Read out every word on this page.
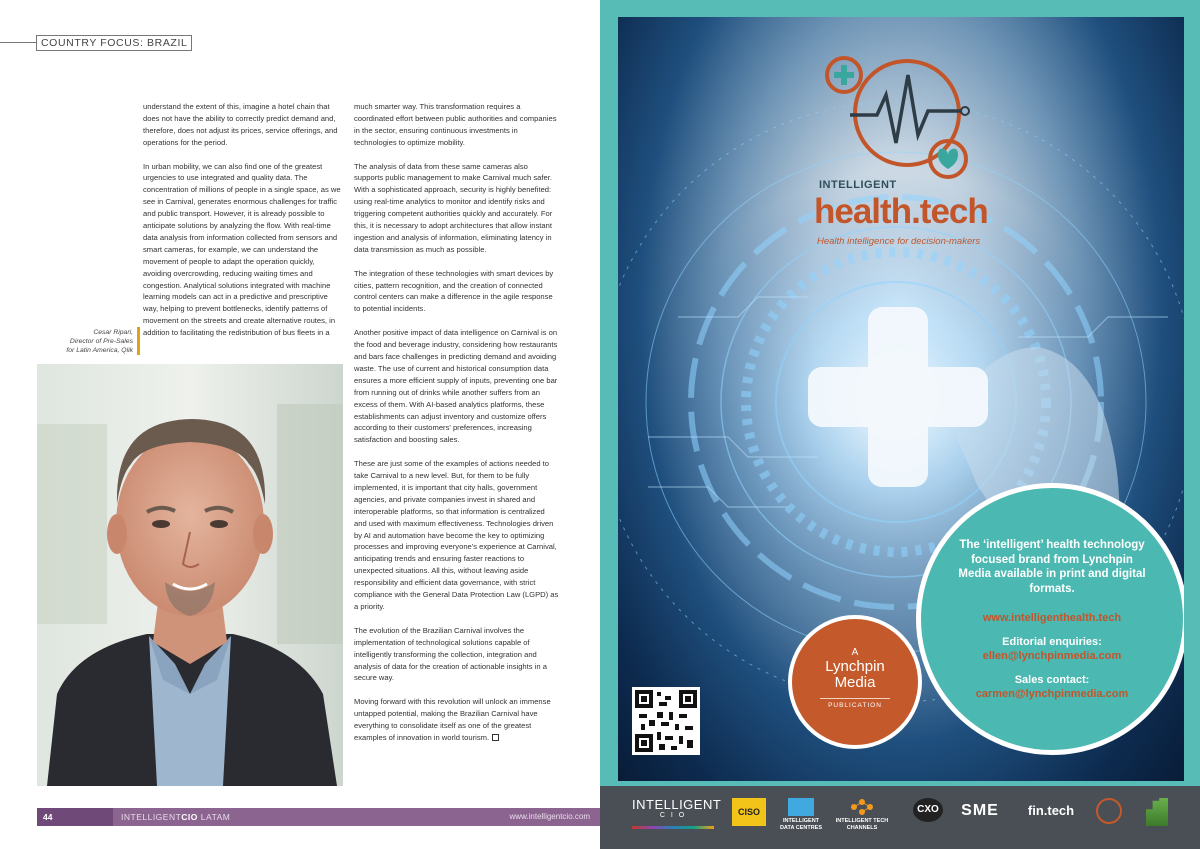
COUNTRY FOCUS: BRAZIL

understand the extent of this, imagine a hotel chain that does not have the ability to correctly predict demand and, therefore, does not adjust its prices, service offerings, and operations for the period.

In urban mobility, we can also find one of the greatest urgencies to use integrated and quality data. The concentration of millions of people in a single space, as we see in Carnival, generates enormous challenges for traffic and public transport. However, it is already possible to anticipate solutions by analyzing the flow. With real-time data analysis from information collected from sensors and smart cameras, for example, we can understand the movement of people to adapt the operation quickly, avoiding overcrowding, reducing waiting times and congestion. Analytical solutions integrated with machine learning models can act in a predictive and prescriptive way, helping to prevent bottlenecks, identify patterns of movement on the streets and create alternative routes, in addition to facilitating the redistribution of bus fleets in a

much smarter way. This transformation requires a coordinated effort between public authorities and companies in the sector, ensuring continuous investments in technologies to optimize mobility.

The analysis of data from these same cameras also supports public management to make Carnival much safer. With a sophisticated approach, security is highly benefited: using real-time analytics to monitor and identify risks and triggering competent authorities quickly and accurately. For this, it is necessary to adopt architectures that allow instant ingestion and analysis of information, eliminating latency in data transmission as much as possible.

The integration of these technologies with smart devices by cities, pattern recognition, and the creation of connected control centers can make a difference in the agile response to potential incidents.

Another positive impact of data intelligence on Carnival is on the food and beverage industry, considering how restaurants and bars face challenges in predicting demand and avoiding waste. The use of current and historical consumption data ensures a more efficient supply of inputs, preventing one bar from running out of drinks while another suffers from an excess of them. With AI-based analytics platforms, these establishments can adjust inventory and customize offers according to their customers' preferences, increasing satisfaction and boosting sales.

These are just some of the examples of actions needed to take Carnival to a new level. But, for them to be fully implemented, it is important that city halls, government agencies, and private companies invest in shared and interoperable platforms, so that information is centralized and used with maximum effectiveness. Technologies driven by AI and automation have become the key to optimizing processes and improving everyone's experience at Carnival, anticipating trends and ensuring faster reactions to unexpected situations. All this, without leaving aside responsibility and efficient data governance, with strict compliance with the General Data Protection Law (LGPD) as a priority.

The evolution of the Brazilian Carnival involves the implementation of technological solutions capable of intelligently transforming the collection, integration and analysis of data for the creation of actionable insights in a secure way.

Moving forward with this revolution will unlock an immense untapped potential, making the Brazilian Carnival have everything to consolidate itself as one of the greatest examples of innovation in world tourism.

Cesar Ripari,
Director of Pre-Sales
for Latin America, Qlik
44	INTELLIGENTCIO LATAM	www.intelligentcio.com
INTELLIGENT
health.tech
Health intelligence for decision-makers
A
Lynchpin
Media
PUBLICATION
The ‘intelligent’ health technology focused brand from Lynchpin Media available in print and digital formats.
www.intelligenthealth.tech
Editorial enquiries:
ellen@lynchpinmedia.com
Sales contact:
carmen@lynchpinmedia.com
INTELLIGENT
C I O	CISO
INTELLIGENT DATA CENTRES
INTELLIGENT TECH CHANNELS
CXO SME fin.tech
